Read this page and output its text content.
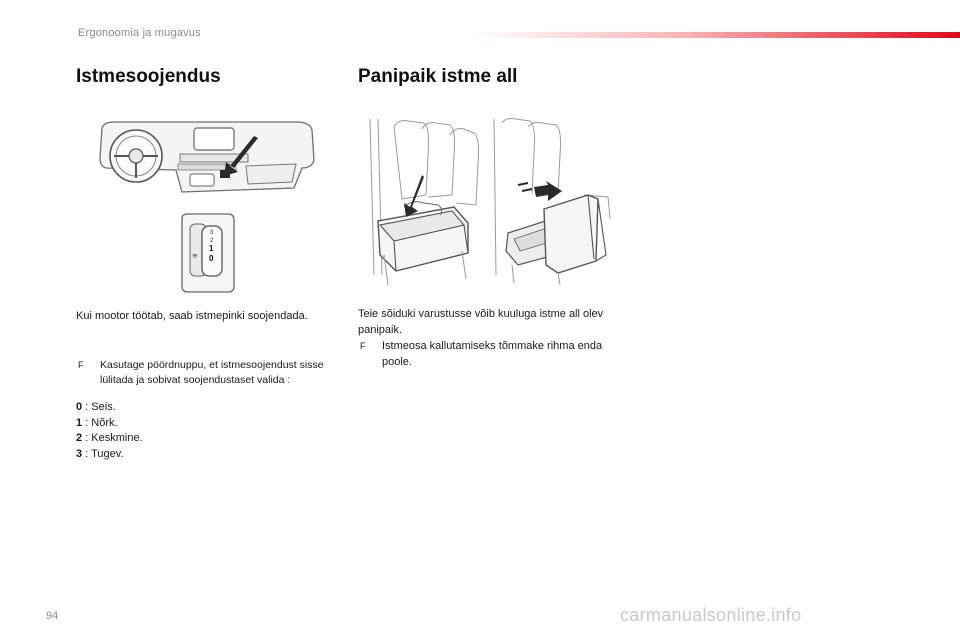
Ergonoomia ja mugavus
Istmesoojendus	Panipaik istme all
≋
3
2
1
0
Kui mootor töötab, saab istmepinki soojendada.
F	Kasutage pöördnuppu, et istmesoojendust sisse lülitada ja sobivat soojendustaset valida :
0 : Seis.
1 : Nõrk.
2 : Keskmine.
3 : Tugev.
Teie sõiduki varustusse võib kuuluga istme all olev panipaik.
F	Istmeosa kallutamiseks tõmmake rihma enda poole.
94	carmanualsonline.info
